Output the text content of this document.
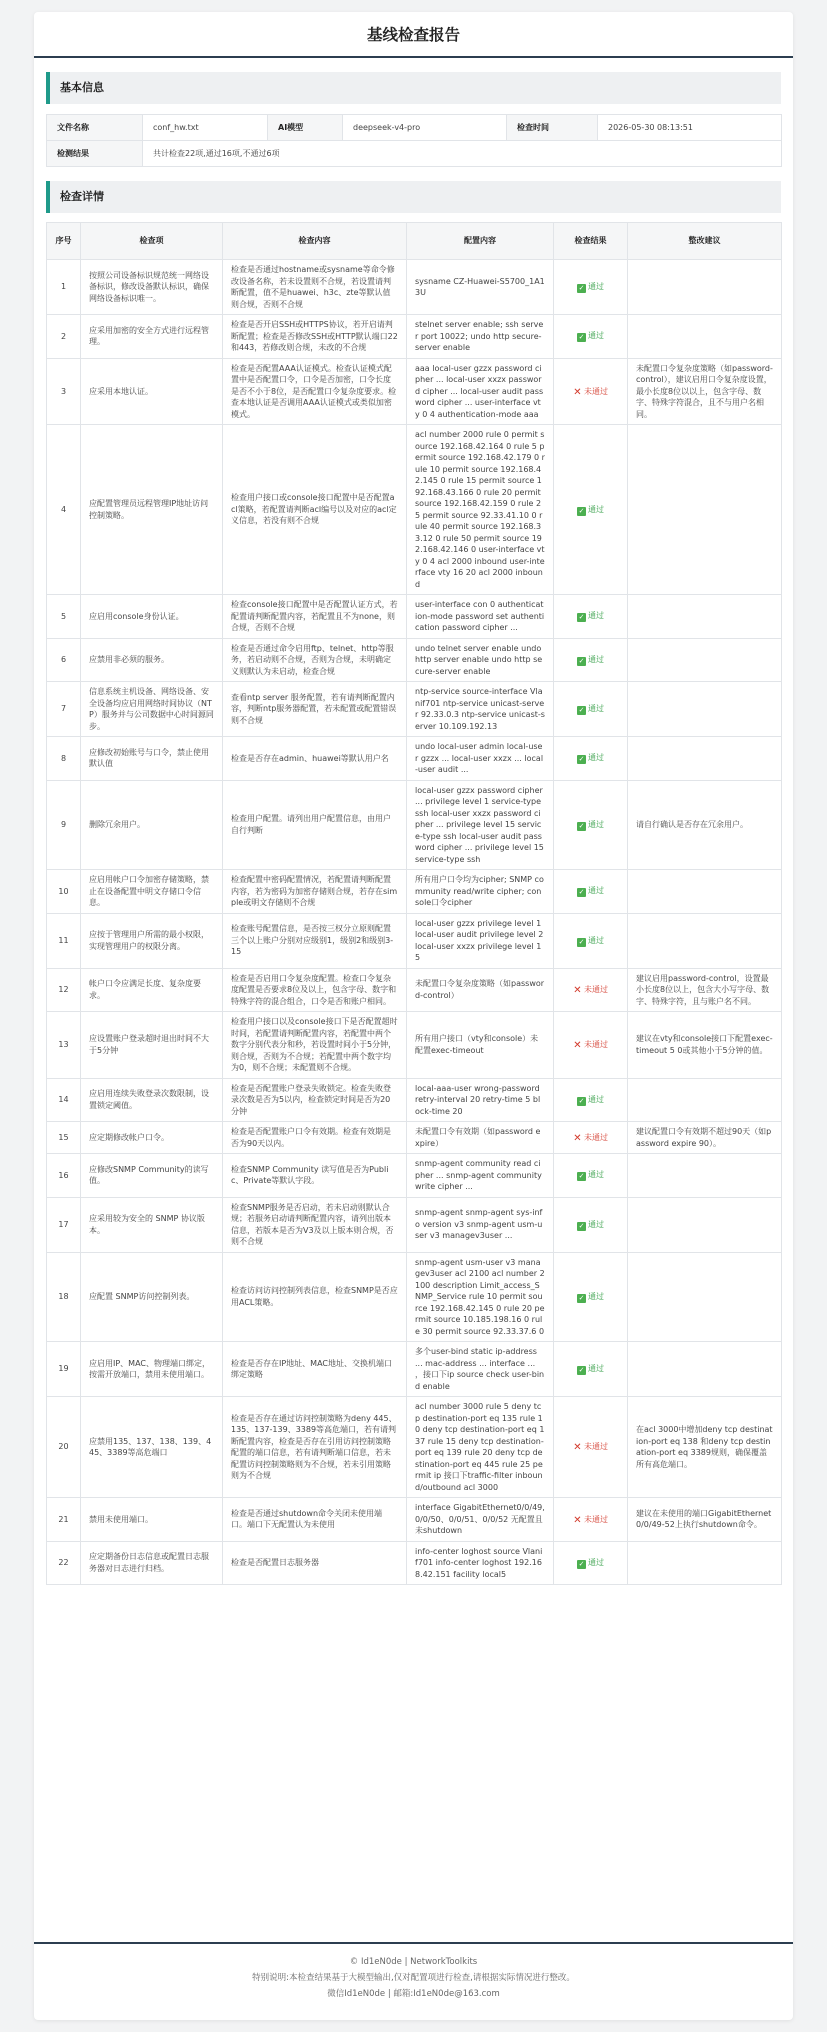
基线检查报告
基本信息
文件名称	conf_hw.txt	AI模型	deepseek-v4-pro	检查时间	2026-05-30 08:13:51
检测结果	共计检查22项,通过16项,不通过6项				
检查详情
序号	检查项	检查内容	配置内容	检查结果	整改建议
1	按照公司设备标识规范统一网络设备标识，修改设备默认标识，确保网络设备标识唯一。	检查是否通过hostname或sysname等命令修改设备名称，若未设置则不合规，若设置请判断配置，值不是huawei、h3c、zte等默认值则合规，否则不合规	sysname CZ-Huawei-S5700_1A13U	✓ 通过	
2	应采用加密的安全方式进行远程管理。	检查是否开启SSH或HTTPS协议，若开启请判断配置；检查是否修改SSH或HTTP默认端口22和443，若修改则合规，未改的不合规	stelnet server enable; ssh server port 10022; undo http secure-server enable	✓ 通过	
3	应采用本地认证。	检查是否配置AAA认证模式。检查认证模式配置中是否配置口令，口令是否加密，口令长度是否不小于8位，是否配置口令复杂度要求。检查本地认证是否调用AAA认证模式或类似加密模式。	aaa local-user gzzx password cipher ... local-user xxzx password cipher ... local-user audit password cipher ... user-interface vty 0 4 authentication-mode aaa	✕ 未通过	未配置口令复杂度策略（如password-control），建议启用口令复杂度设置，最小长度8位以以上，包含字母、数字、特殊字符混合，且不与用户名相同。
4	应配置管理员远程管理IP地址访问控制策略。	检查用户接口或console接口配置中是否配置acl策略，若配置请判断acl编号以及对应的acl定义信息，若没有则不合规	acl number 2000 rule 0 permit source 192.168.42.164 0 rule 5 permit source 192.168.42.179 0 rule 10 permit source 192.168.42.145 0 rule 15 permit source 192.168.43.166 0 rule 20 permit source 192.168.42.159 0 rule 25 permit source 92.33.41.10 0 rule 40 permit source 192.168.33.12 0 rule 50 permit source 192.168.42.146 0 user-interface vty 0 4 acl 2000 inbound user-interface vty 16 20 acl 2000 inbound	✓ 通过	
5	应启用console身份认证。	检查console接口配置中是否配置认证方式，若配置请判断配置内容，若配置且不为none，则合规，否则不合规	user-interface con 0 authentication-mode password set authentication password cipher ...	✓ 通过	
6	应禁用非必须的服务。	检查是否通过命令启用ftp、telnet、http等服务，若启动则不合规，否则为合规，未明确定义则默认为未启动，检查合规	undo telnet server enable undo http server enable undo http secure-server enable	✓ 通过	
7	信息系统主机设备、网络设备、安全设备均应启用网络时间协议（NTP）服务并与公司数据中心时间源同步。	查看ntp server 服务配置，若有请判断配置内容，判断ntp服务器配置，若未配置或配置错误则不合规	ntp-service source-interface Vlanif701 ntp-service unicast-server 92.33.0.3 ntp-service unicast-server 10.109.192.13	✓ 通过	
8	应修改初始账号与口令，禁止使用默认值	检查是否存在admin、huawei等默认用户名	undo local-user admin local-user gzzx ... local-user xxzx ... local-user audit ...	✓ 通过	
9	删除冗余用户。	检查用户配置。请列出用户配置信息，由用户自行判断	local-user gzzx password cipher ... privilege level 1 service-type ssh local-user xxzx password cipher ... privilege level 15 service-type ssh local-user audit password cipher ... privilege level 15 service-type ssh	✓ 通过	请自行确认是否存在冗余用户。
10	应启用帐户口令加密存储策略，禁止在设备配置中明文存储口令信息。	检查配置中密码配置情况，若配置请判断配置内容，若为密码为加密存储则合规，若存在simple或明文存储则不合规	所有用户口令均为cipher; SNMP community read/write cipher; console口令cipher	✓ 通过	
11	应按于管理用户所需的最小权限，实现管理用户的权限分离。	检查账号配置信息，是否按三权分立原则配置三个以上账户分别对应级别1，级别2和级别3-15	local-user gzzx privilege level 1 local-user audit privilege level 2 local-user xxzx privilege level 15	✓ 通过	
12	帐户口令应满足长度、复杂度要求。	检查是否启用口令复杂度配置。检查口令复杂度配置是否要求8位及以上，包含字母、数字和特殊字符的混合组合，口令是否和账户相同。	未配置口令复杂度策略（如password-control）	✕ 未通过	建议启用password-control，设置最小长度8位以上，包含大小写字母、数字、特殊字符，且与账户名不同。
13	应设置账户登录超时退出时间不大于5分钟	检查用户接口以及console接口下是否配置超时时间，若配置请判断配置内容，若配置中两个数字分别代表分和秒，若设置时间小于5分钟，则合规，否则为不合规；若配置中两个数字均为0，则不合规；未配置则不合规。	所有用户接口（vty和console）未配置exec-timeout	✕ 未通过	建议在vty和console接口下配置exec-timeout 5 0或其他小于5分钟的值。
14	应启用连续失败登录次数限制，设置锁定阈值。	检查是否配置账户登录失败锁定。检查失败登录次数是否为5以内，检查锁定时间是否为20分钟	local-aaa-user wrong-password retry-interval 20 retry-time 5 block-time 20	✓ 通过	
15	应定期修改帐户口令。	检查是否配置账户口令有效期。检查有效期是否为90天以内。	未配置口令有效期（如password expire）	✕ 未通过	建议配置口令有效期不超过90天（如password expire 90）。
16	应修改SNMP Community的读写值。	检查SNMP Community 读写值是否为Public、Private等默认字段。	snmp-agent community read cipher ... snmp-agent community write cipher ...	✓ 通过	
17	应采用较为安全的 SNMP 协议版本。	检查SNMP服务是否启动，若未启动则默认合规；若服务启动请判断配置内容，请列出版本信息，若版本是否为V3及以上版本则合规，否则不合规	snmp-agent snmp-agent sys-info version v3 snmp-agent usm-user v3 managev3user ...	✓ 通过	
18	应配置 SNMP访问控制列表。	检查访问访问控制列表信息，检查SNMP是否应用ACL策略。	snmp-agent usm-user v3 managev3user acl 2100 acl number 2100 description Limit_access_SNMP_Service rule 10 permit source 192.168.42.145 0 rule 20 permit source 10.185.198.16 0 rule 30 permit source 92.33.37.6 0	✓ 通过	
19	应启用IP、MAC、物理端口绑定，按需开放端口，禁用未使用端口。	检查是否存在IP地址、MAC地址、交换机端口绑定策略	多个user-bind static ip-address ... mac-address ... interface ... ，接口下ip source check user-bind enable	✓ 通过	
20	应禁用135、137、138、139、445、3389等高危端口	检查是否存在通过访问控制策略为deny 445、135、137-139、3389等高危端口，若有请判断配置内容，检查是否存在引用访问控制策略配置的端口信息，若有请判断端口信息，若未配置访问控制策略则为不合规，若未引用策略则为不合规	acl number 3000 rule 5 deny tcp destination-port eq 135 rule 10 deny tcp destination-port eq 137 rule 15 deny tcp destination-port eq 139 rule 20 deny tcp destination-port eq 445 rule 25 permit ip 接口下traffic-filter inbound/outbound acl 3000	✕ 未通过	在acl 3000中增加deny tcp destination-port eq 138 和deny tcp destination-port eq 3389规则，确保覆盖所有高危端口。
21	禁用未使用端口。	检查是否通过shutdown命令关闭未使用端口。端口下无配置认为未使用	interface GigabitEthernet0/0/49, 0/0/50、0/0/51、0/0/52 无配置且未shutdown	✕ 未通过	建议在未使用的端口GigabitEthernet0/0/49-52上执行shutdown命令。
22	应定期备份日志信息或配置日志服务器对日志进行归档。	检查是否配置日志服务器	info-center loghost source Vlanif701 info-center loghost 192.168.42.151 facility local5	✓ 通过	
© Id1eN0de | NetworkToolkits
特别说明:本检查结果基于大模型输出,仅对配置项进行检查,请根据实际情况进行整改。
微信Id1eN0de | 邮箱:Id1eN0de@163.com
